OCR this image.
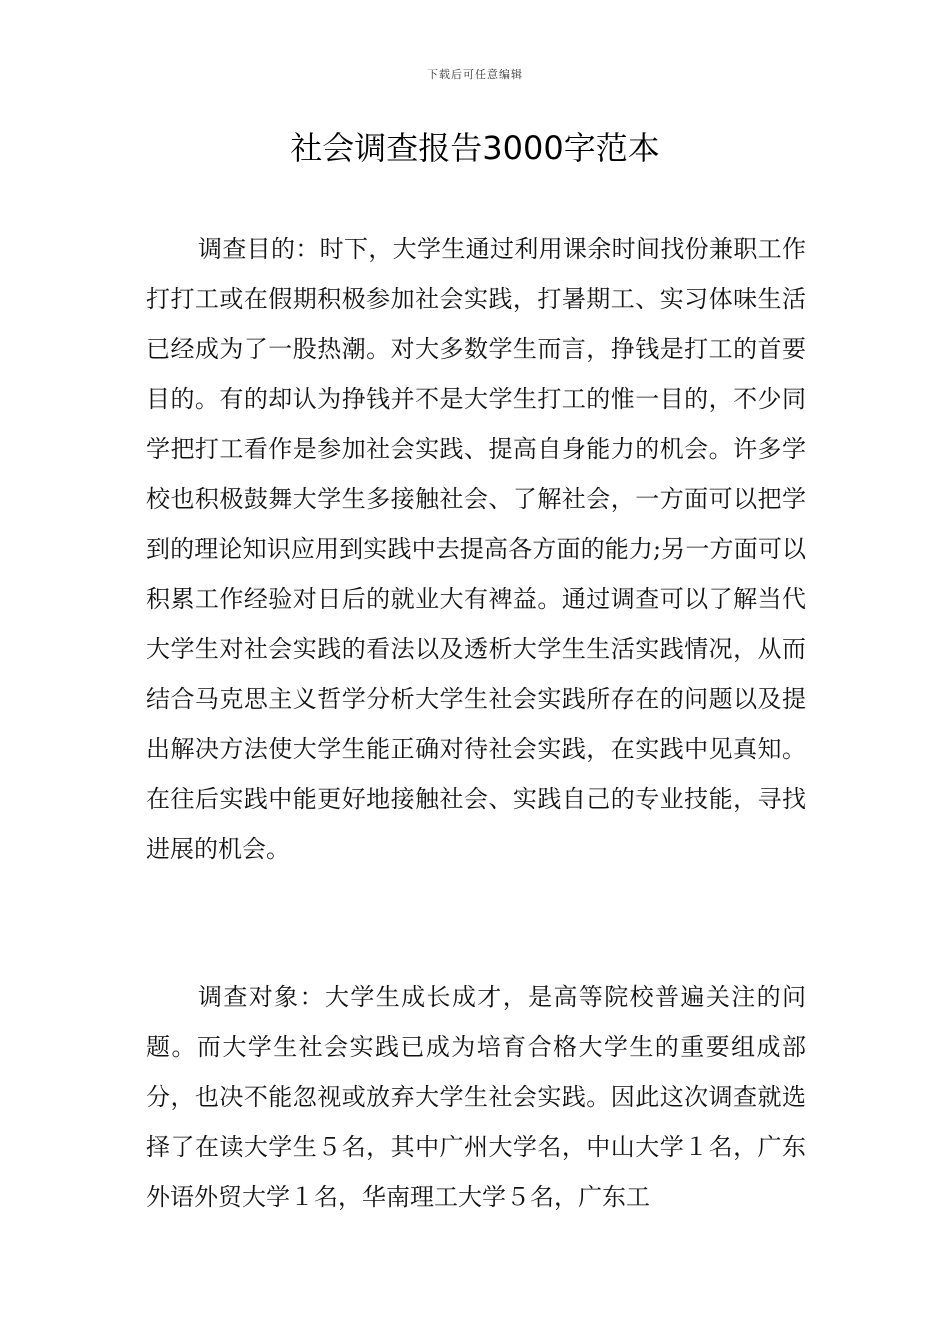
下载后可任意编辑
社会调查报告3000字范本

调查目的：时下，大学生通过利用课余时间找份兼职工作打打工或在假期积极参加社会实践，打暑期工、实习体味生活已经成为了一股热潮。对大多数学生而言，挣钱是打工的首要目的。有的却认为挣钱并不是大学生打工的惟一目的，不少同学把打工看作是参加社会实践、提高自身能力的机会。许多学校也积极鼓舞大学生多接触社会、了解社会，一方面可以把学到的理论知识应用到实践中去提高各方面的能力;另一方面可以积累工作经验对日后的就业大有裨益。通过调查可以了解当代大学生对社会实践的看法以及透析大学生生活实践情况，从而结合马克思主义哲学分析大学生社会实践所存在的问题以及提出解决方法使大学生能正确对待社会实践，在实践中见真知。在往后实践中能更好地接触社会、实践自己的专业技能，寻找进展的机会。

调查对象：大学生成长成才，是高等院校普遍关注的问题。而大学生社会实践已成为培育合格大学生的重要组成部分，也决不能忽视或放弃大学生社会实践。因此这次调查就选择了在读大学生５名，其中广州大学名，中山大学１名，广东外语外贸大学１名，华南理工大学５名，广东工
